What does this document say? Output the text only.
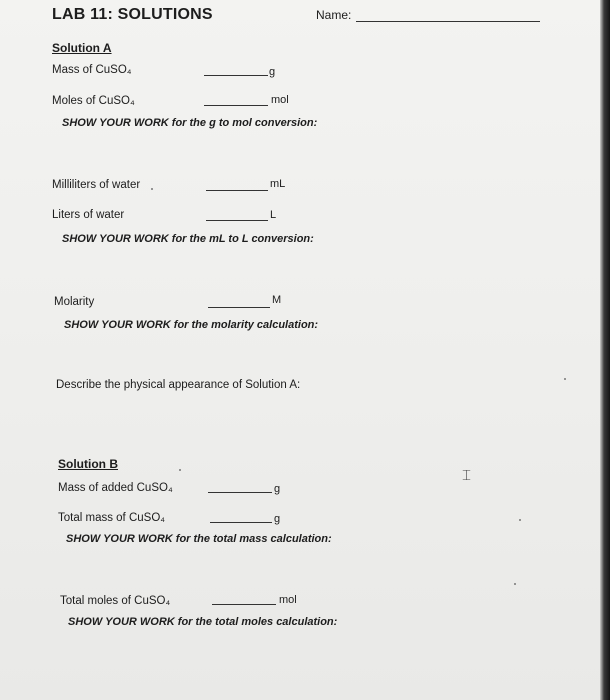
LAB 11: SOLUTIONS	Name:
Solution A
Mass of CuSO₄	g
Moles of CuSO₄	mol
SHOW YOUR WORK for the g to mol conversion:
Milliliters of water	mL
Liters of water	L
SHOW YOUR WORK for the mL to L conversion:
Molarity	M
SHOW YOUR WORK for the molarity calculation:
Describe the physical appearance of Solution A:
Solution B
Mass of added CuSO₄	g
Total mass of CuSO₄	g
SHOW YOUR WORK for the total mass calculation:
Total moles of CuSO₄	mol
SHOW YOUR WORK for the total moles calculation:
⌶
